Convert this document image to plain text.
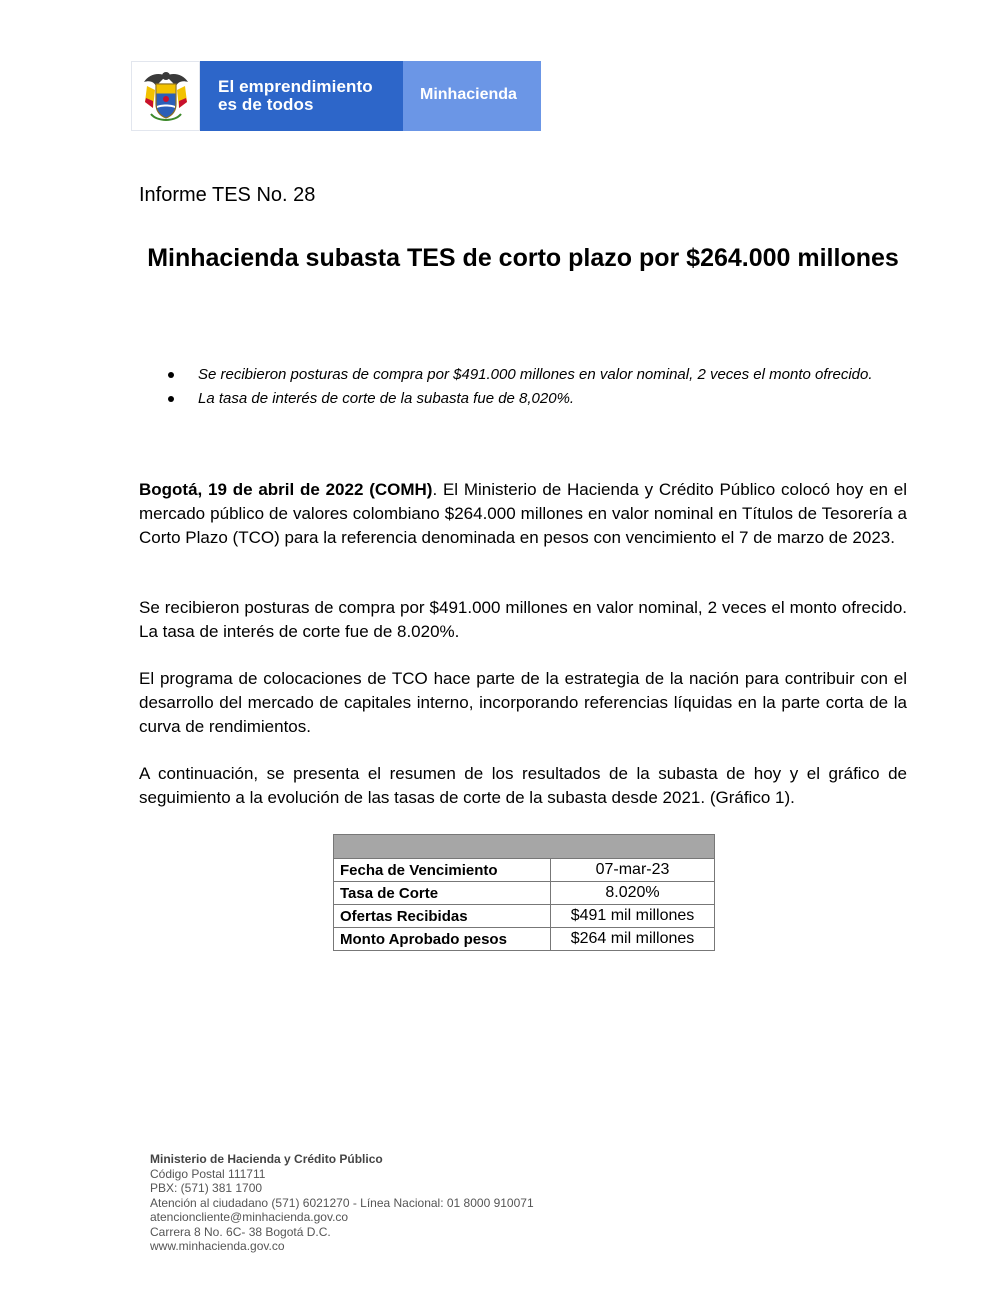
El emprendimiento
es de todos
Minhacienda
Informe TES No. 28
Minhacienda subasta TES de corto plazo por $264.000 millones
Se recibieron posturas de compra por $491.000 millones en valor nominal, 2 veces el monto ofrecido.
La tasa de interés de corte de la subasta fue de 8,020%.

Bogotá, 19 de abril de 2022 (COMH). El Ministerio de Hacienda y Crédito Público colocó hoy en el mercado público de valores colombiano $264.000 millones en valor nominal en Títulos de Tesorería a Corto Plazo (TCO) para la referencia denominada en pesos con vencimiento el 7 de marzo de 2023.

Se recibieron posturas de compra por $491.000 millones en valor nominal, 2 veces el monto ofrecido. La tasa de interés de corte fue de 8.020%.

El programa de colocaciones de TCO hace parte de la estrategia de la nación para contribuir con el desarrollo del mercado de capitales interno, incorporando referencias líquidas en la parte corta de la curva de rendimientos.

A continuación, se presenta el resumen de los resultados de la subasta de hoy y el gráfico de seguimiento a la evolución de las tasas de corte de la subasta desde 2021. (Gráfico 1).

Fecha de Vencimiento	07-mar-23
Tasa de Corte	8.020%
Ofertas Recibidas	$491 mil millones
Monto Aprobado pesos	$264 mil millones
Ministerio de Hacienda y Crédito Público
Código Postal 111711
PBX: (571) 381 1700
Atención al ciudadano (571) 6021270 - Línea Nacional: 01 8000 910071
atencioncliente@minhacienda.gov.co
Carrera 8 No. 6C- 38 Bogotá D.C.
www.minhacienda.gov.co
